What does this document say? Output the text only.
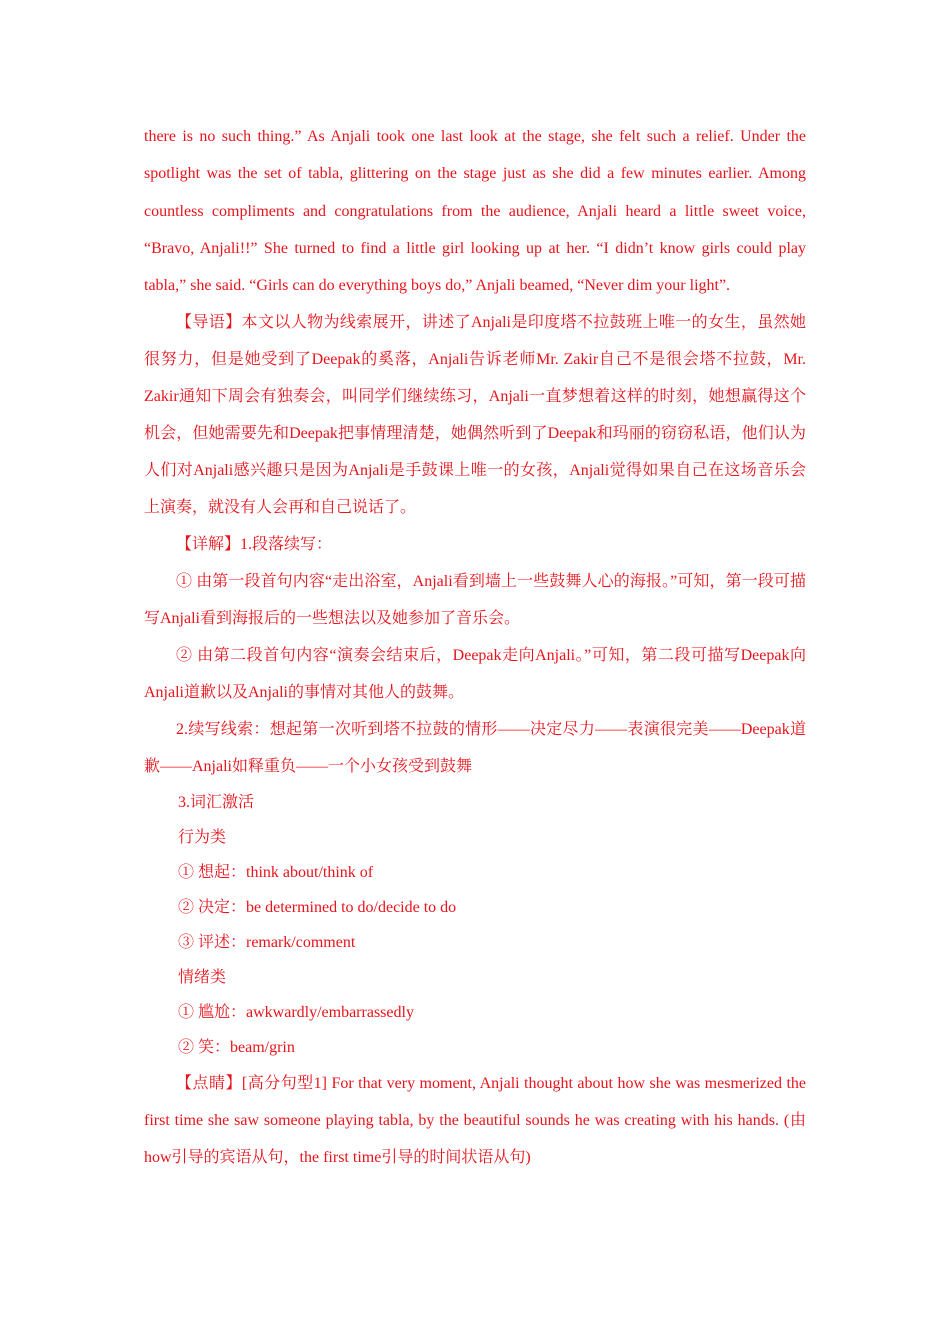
there is no such thing.” As Anjali took one last look at the stage, she felt such a relief. Under the spotlight was the set of tabla, glittering on the stage just as she did a few minutes earlier. Among countless compliments and congratulations from the audience, Anjali heard a little sweet voice, “Bravo, Anjali!!” She turned to find a little girl looking up at her. “I didn’t know girls could play tabla,” she said. “Girls can do everything boys do,” Anjali beamed, “Never dim your light”.

【导语】本文以人物为线索展开，讲述了Anjali是印度塔不拉鼓班上唯一的女生，虽然她很努力，但是她受到了Deepak的奚落，Anjali告诉老师Mr. Zakir自己不是很会塔不拉鼓，Mr. Zakir通知下周会有独奏会，叫同学们继续练习，Anjali一直梦想着这样的时刻，她想赢得这个机会，但她需要先和Deepak把事情理清楚，她偶然听到了Deepak和玛丽的窃窃私语，他们认为人们对Anjali感兴趣只是因为Anjali是手鼓课上唯一的女孩，Anjali觉得如果自己在这场音乐会上演奏，就没有人会再和自己说话了。

【详解】1.段落续写：

① 由第一段首句内容“走出浴室，Anjali看到墙上一些鼓舞人心的海报。”可知，第一段可描写Anjali看到海报后的一些想法以及她参加了音乐会。

② 由第二段首句内容“演奏会结束后，Deepak走向Anjali。”可知，第二段可描写Deepak向Anjali道歉以及Anjali的事情对其他人的鼓舞。

2.续写线索：想起第一次听到塔不拉鼓的情形——决定尽力——表演很完美——Deepak道歉——Anjali如释重负——一个小女孩受到鼓舞

3.词汇激活

行为类

① 想起：think about/think of

② 决定：be determined to do/decide to do

③ 评述：remark/comment

情绪类

① 尴尬：awkwardly/embarrassedly

② 笑：beam/grin

【点睛】[高分句型1] For that very moment, Anjali thought about how she was mesmerized the first time she saw someone playing tabla, by the beautiful sounds he was creating with his hands. (由how引导的宾语从句，the first time引导的时间状语从句)
